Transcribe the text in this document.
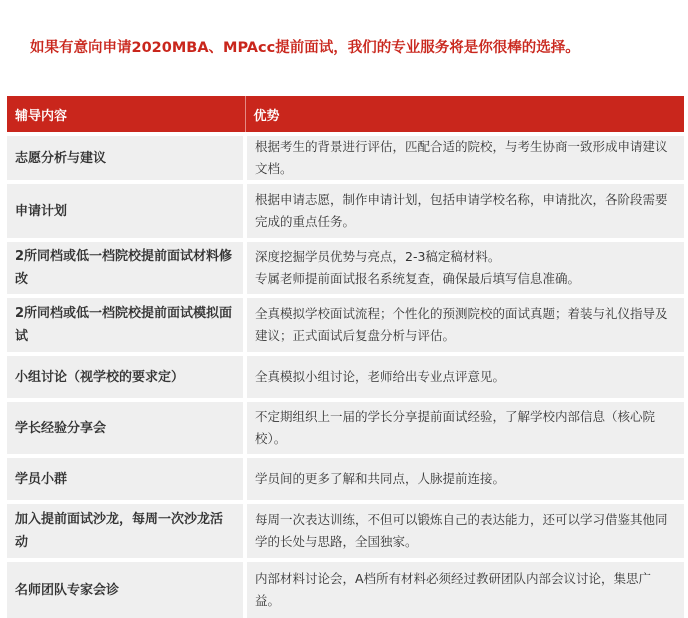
如果有意向申请2020MBA、MPAcc提前面试，我们的专业服务将是你很棒的选择。
辅导内容	优势
志愿分析与建议	根据考生的背景进行评估，匹配合适的院校，与考生协商一致形成申请建议文档。

申请计划	根据申请志愿，制作申请计划，包括申请学校名称，申请批次，各阶段需要完成的重点任务。

2所同档或低一档院校提前面试材料修改	深度挖掘学员优势与亮点，2-3稿定稿材料。
专属老师提前面试报名系统复查，确保最后填写信息准确。

2所同档或低一档院校提前面试模拟面试	全真模拟学校面试流程；个性化的预测院校的面试真题；着装与礼仪指导及建议；正式面试后复盘分析与评估。

小组讨论（视学校的要求定）	全真模拟小组讨论，老师给出专业点评意见。

学长经验分享会	不定期组织上一届的学长分享提前面试经验，了解学校内部信息（核心院校）。

学员小群	学员间的更多了解和共同点，人脉提前连接。

加入提前面试沙龙，每周一次沙龙活动	每周一次表达训练，不但可以锻炼自己的表达能力，还可以学习借鉴其他同学的长处与思路，全国独家。

名师团队专家会诊	内部材料讨论会，A档所有材料必须经过教研团队内部会议讨论，集思广益。
